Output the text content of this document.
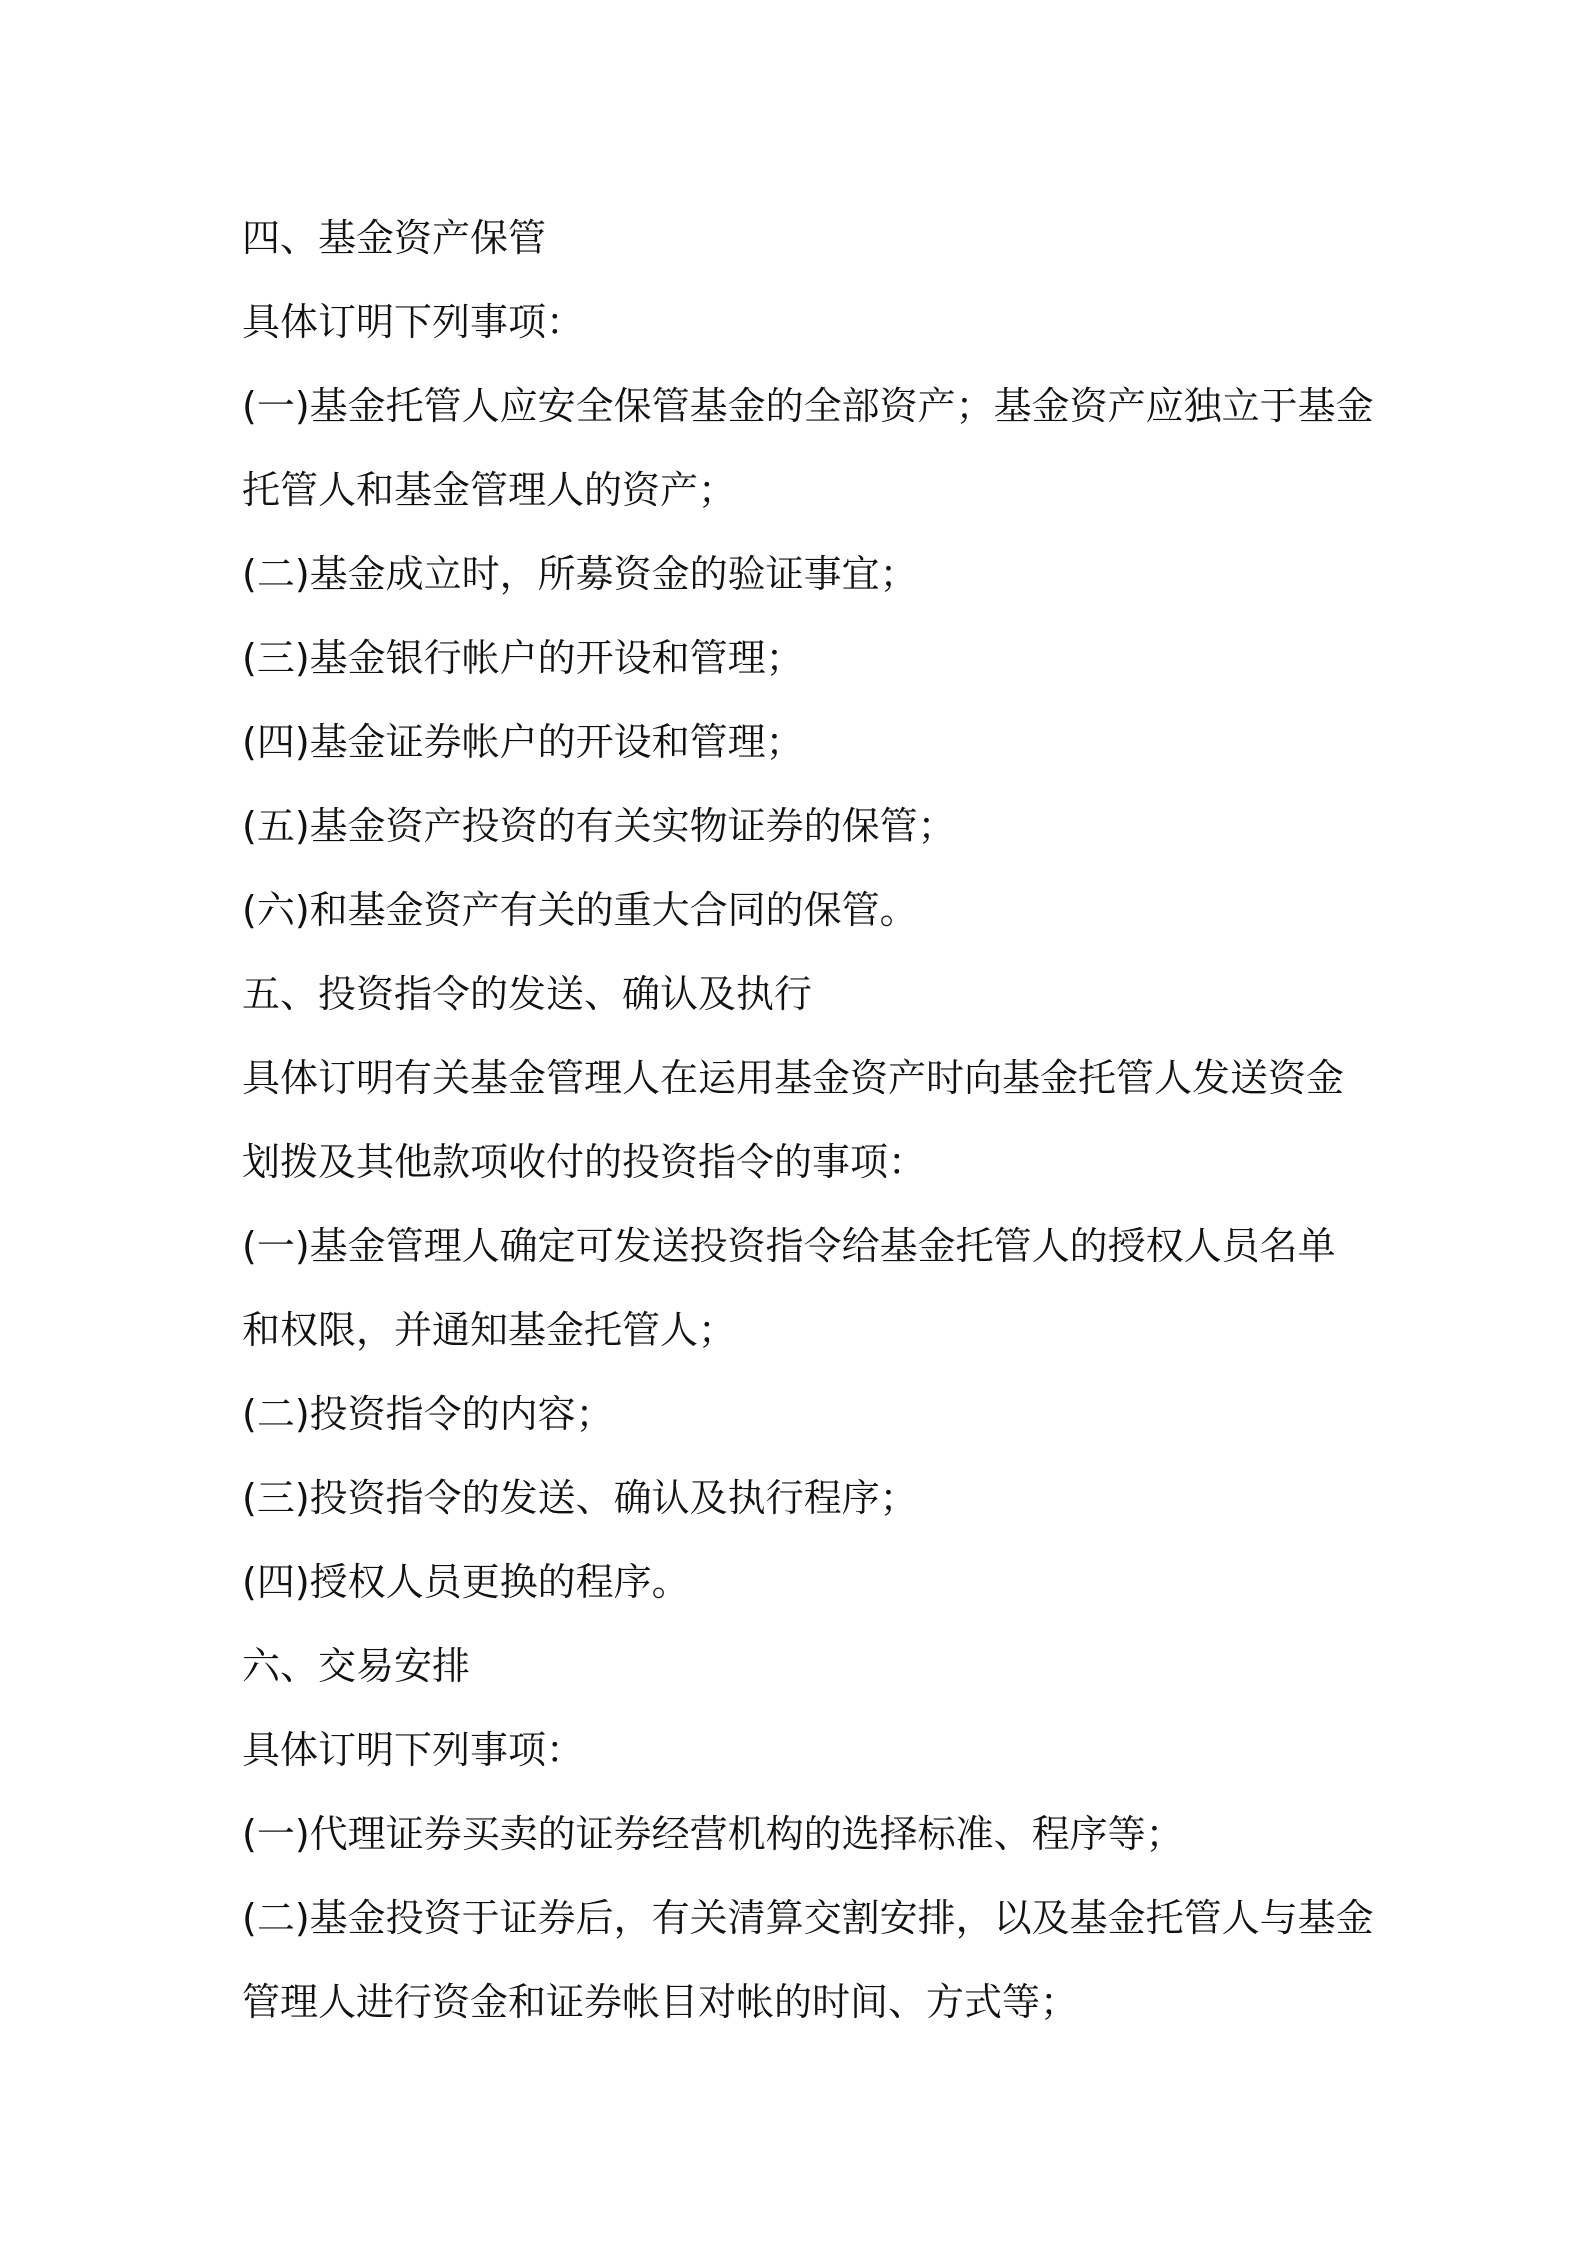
四、基金资产保管
具体订明下列事项：
(一)基金托管人应安全保管基金的全部资产；基金资产应独立于基金
托管人和基金管理人的资产；
(二)基金成立时，所募资金的验证事宜；
(三)基金银行帐户的开设和管理；
(四)基金证券帐户的开设和管理；
(五)基金资产投资的有关实物证券的保管；
(六)和基金资产有关的重大合同的保管。
五、投资指令的发送、确认及执行
具体订明有关基金管理人在运用基金资产时向基金托管人发送资金
划拨及其他款项收付的投资指令的事项：
(一)基金管理人确定可发送投资指令给基金托管人的授权人员名单
和权限，并通知基金托管人；
(二)投资指令的内容；
(三)投资指令的发送、确认及执行程序；
(四)授权人员更换的程序。
六、交易安排
具体订明下列事项：
(一)代理证券买卖的证券经营机构的选择标准、程序等；
(二)基金投资于证券后，有关清算交割安排，以及基金托管人与基金
管理人进行资金和证券帐目对帐的时间、方式等；
